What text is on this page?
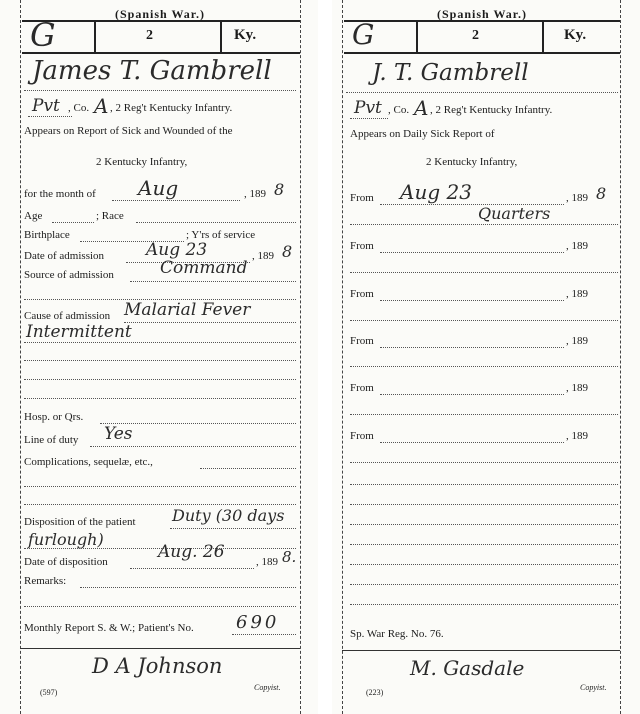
(Spanish War.)
G	2	Ky.
James T. Gambrell
Pvt , Co. A , 2 Reg't Kentucky Infantry.
Appears on Report of Sick and Wounded of the
2 Kentucky Infantry,
for the month of Aug	, 189 8
Age	; Race
Birthplace	; Y'rs of service
Date of admission Aug 23	, 189 8
Source of admission	Command
Cause of admission Malarial Fever
Intermittent
Hosp. or Qrs.
Line of duty Yes
Complications, sequelæ, etc.,
Disposition of the patient Duty (30 days
furlough)
Date of disposition	Aug. 26	, 189 8.
Remarks:
Monthly Report S. & W.; Patient's No. 690
D A Johnson
Copyist.
(597)
(Spanish War.)
G	2	Ky.
J. T. Gambrell
Pvt , Co. A , 2 Reg't Kentucky Infantry.
Appears on Daily Sick Report of
2 Kentucky Infantry,
From Aug 23	, 189 8
Quarters
From	, 189
From	, 189
From	, 189
From	, 189
From	, 189
Sp. War Reg. No. 76.
M. Gasdale
Copyist.
(223)
